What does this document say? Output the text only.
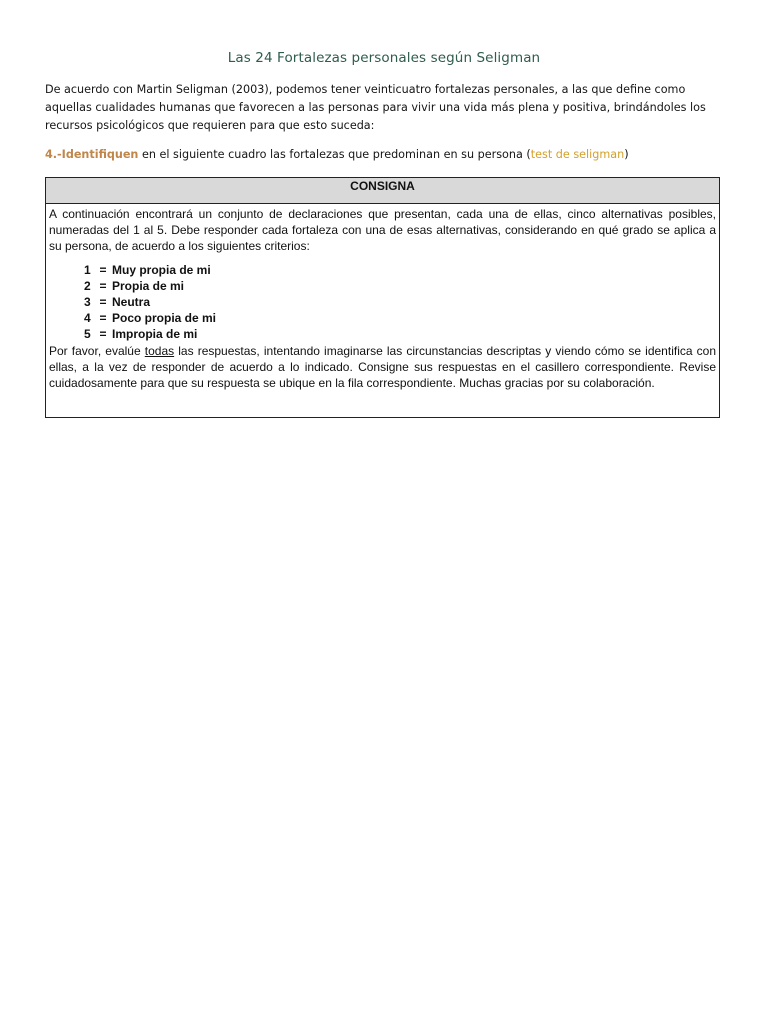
Las 24 Fortalezas personales según Seligman
De acuerdo con Martin Seligman (2003), podemos tener veinticuatro fortalezas personales, a las que define como aquellas cualidades humanas que favorecen a las personas para vivir una vida más plena y positiva, brindándoles los recursos psicológicos que requieren para que esto suceda:
4.-Identifiquen en el siguiente cuadro las fortalezas que predominan en su persona (test de seligman)
CONSIGNA

A continuación encontrará un conjunto de declaraciones que presentan, cada una de ellas, cinco alternativas posibles, numeradas del 1 al 5. Debe responder cada fortaleza con una de esas alternativas, considerando en qué grado se aplica a su persona, de acuerdo a los siguientes criterios:

1 = Muy propia de mi
2 = Propia de mi
3 = Neutra
4 = Poco propia de mi
5 = Impropia de mi

Por favor, evalúe todas las respuestas, intentando imaginarse las circunstancias descriptas y viendo cómo se identifica con ellas, a la vez de responder de acuerdo a lo indicado. Consigne sus respuestas en el casillero correspondiente. Revise cuidadosamente para que su respuesta se ubique en la fila correspondiente. Muchas gracias por su colaboración.
